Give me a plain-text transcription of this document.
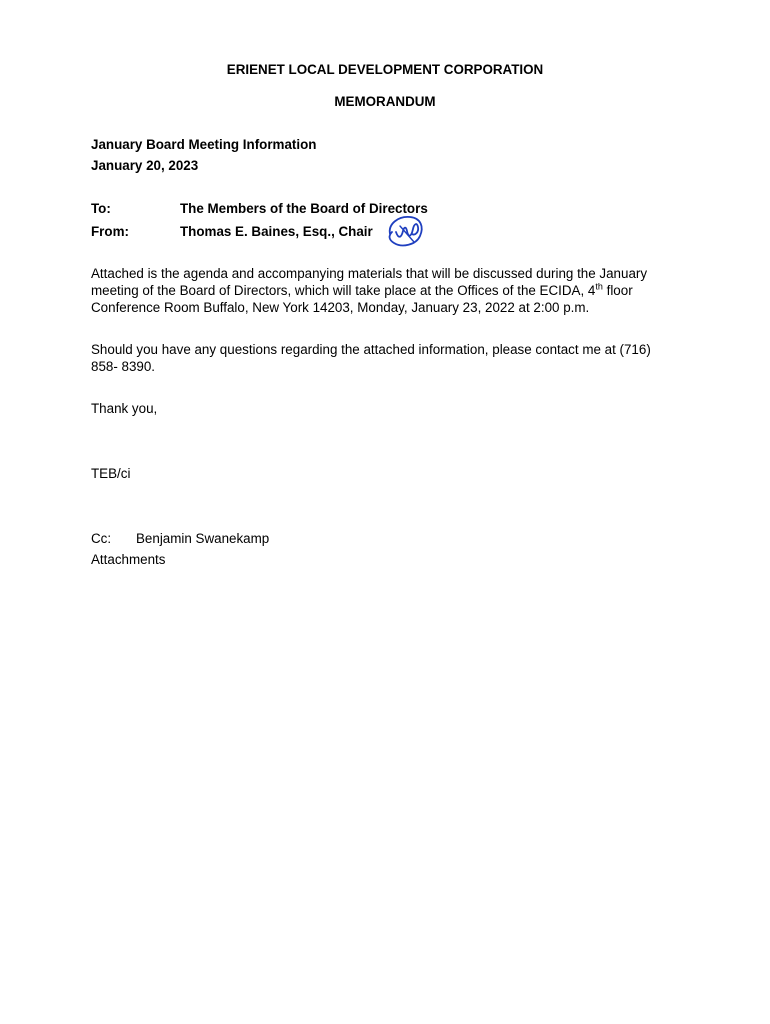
ERIENET LOCAL DEVELOPMENT CORPORATION
MEMORANDUM
January Board Meeting Information
January 20, 2023
To:	The Members of the Board of Directors
From:	Thomas E. Baines, Esq., Chair
Attached is the agenda and accompanying materials that will be discussed during the January
meeting of the Board of Directors, which will take place at the Offices of the ECIDA, 4th floor
Conference Room Buffalo, New York 14203, Monday, January 23, 2022 at 2:00 p.m.
Should you have any questions regarding the attached information, please contact me at (716)
858- 8390.
Thank you,
TEB/ci
Cc: Benjamin Swanekamp
Attachments
